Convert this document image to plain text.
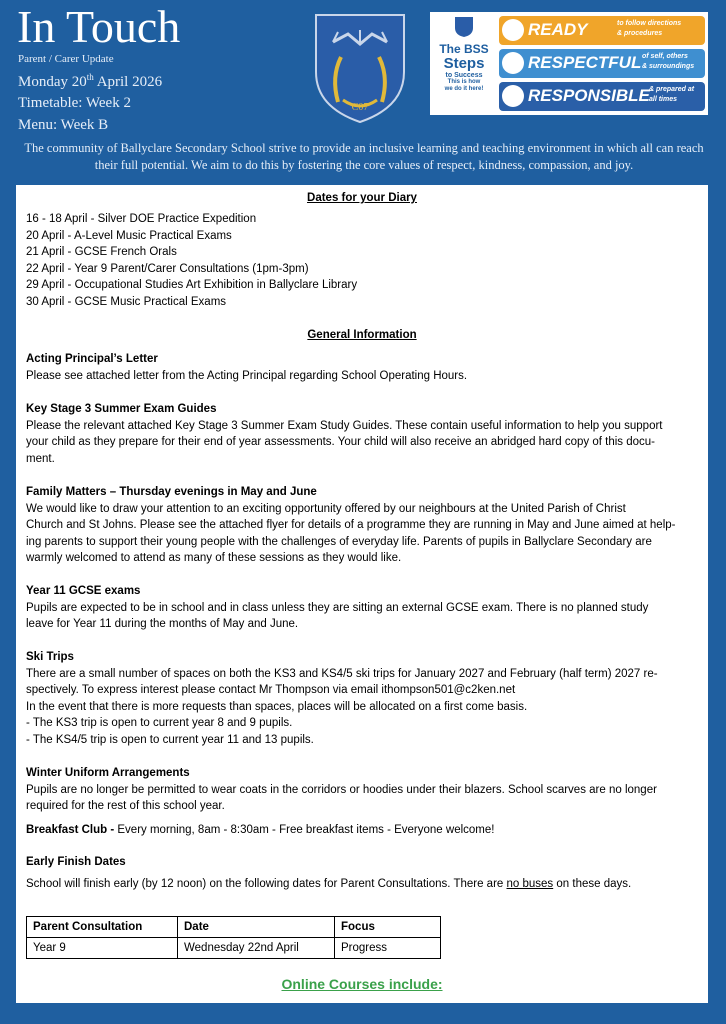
In Touch
Parent / Carer Update
Monday 20th April 2026
Timetable: Week 2
Menu: Week B
C07
The BSS
Steps
to Success
This is how
we do it here!
READY	to follow directions
& procedures
RESPECTFUL of self, others
& surroundings
RESPONSIBLE & prepared at
all times
The community of Ballyclare Secondary School strive to provide an inclusive learning and teaching environment in which all can reach their full potential. We aim to do this by fostering the core values of respect, kindness, compassion, and joy.
Dates for your Diary
16 - 18 April - Silver DOE Practice Expedition
20 April - A-Level Music Practical Exams
21 April - GCSE French Orals
22 April - Year 9 Parent/Carer Consultations (1pm-3pm)
29 April - Occupational Studies Art Exhibition in Ballyclare Library
30 April - GCSE Music Practical Exams
General Information
Acting Principal’s Letter
Please see attached letter from the Acting Principal regarding School Operating Hours.
Key Stage 3 Summer Exam Guides
Please the relevant attached Key Stage 3 Summer Exam Study Guides. These contain useful information to help you support
your child as they prepare for their end of year assessments. Your child will also receive an abridged hard copy of this docu-
ment.
Family Matters – Thursday evenings in May and June
We would like to draw your attention to an exciting opportunity offered by our neighbours at the United Parish of Christ
Church and St Johns. Please see the attached flyer for details of a programme they are running in May and June aimed at help-
ing parents to support their young people with the challenges of everyday life. Parents of pupils in Ballyclare Secondary are
warmly welcomed to attend as many of these sessions as they would like.
Year 11 GCSE exams
Pupils are expected to be in school and in class unless they are sitting an external GCSE exam. There is no planned study
leave for Year 11 during the months of May and June.
Ski Trips
There are a small number of spaces on both the KS3 and KS4/5 ski trips for January 2027 and February (half term) 2027 re-
spectively. To express interest please contact Mr Thompson via email ithompson501@c2ken.net
In the event that there is more requests than spaces, places will be allocated on a first come basis.
- The KS3 trip is open to current year 8 and 9 pupils.
- The KS4/5 trip is open to current year 11 and 13 pupils.
Winter Uniform Arrangements
Pupils are no longer be permitted to wear coats in the corridors or hoodies under their blazers. School scarves are no longer
required for the rest of this school year.
Breakfast Club - Every morning, 8am - 8:30am - Free breakfast items - Everyone welcome!
Early Finish Dates
School will finish early (by 12 noon) on the following dates for Parent Consultations. There are no buses on these days.
Parent Consultation	Date	Focus
Year 9	Wednesday 22nd April	Progress
Online Courses include:
